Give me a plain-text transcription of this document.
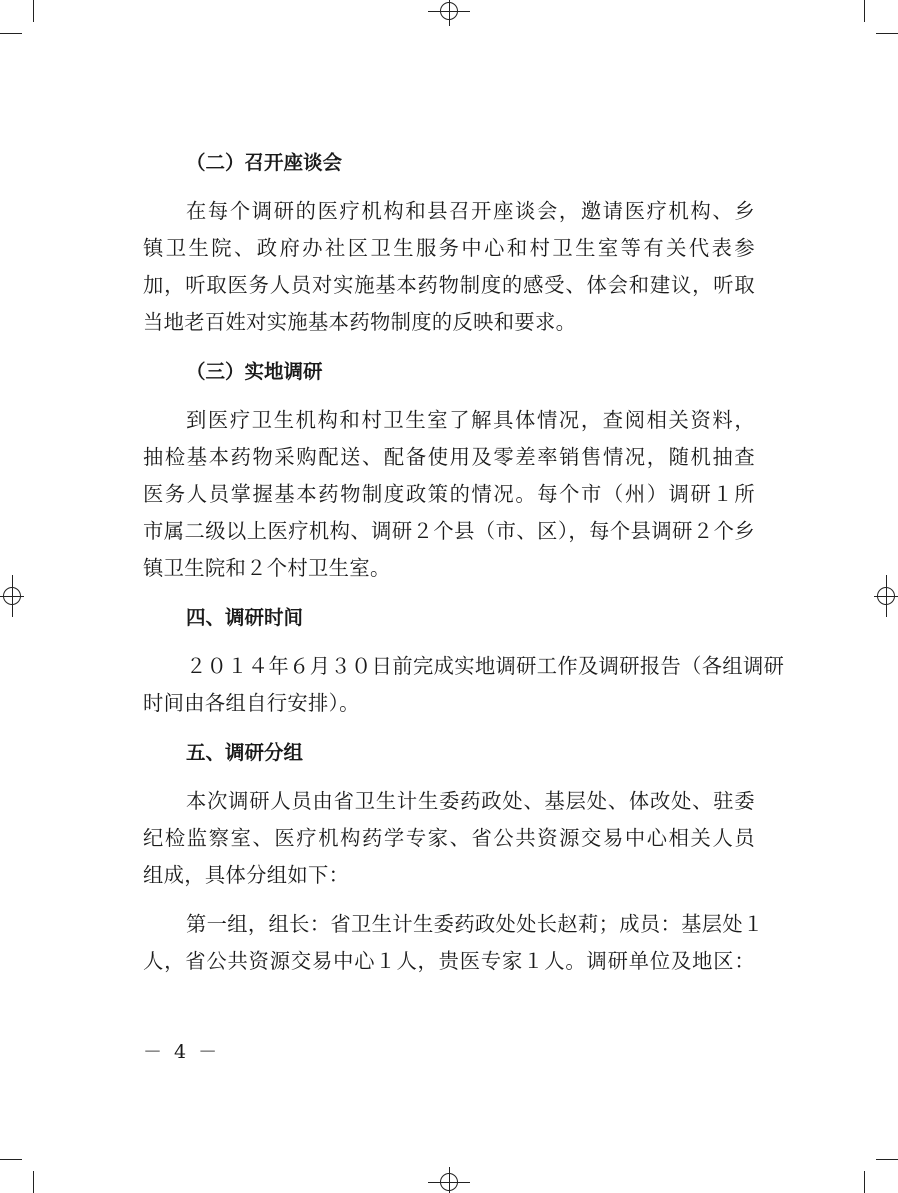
（二）召开座谈会

在每个调研的医疗机构和县召开座谈会，邀请医疗机构、乡
镇卫生院、政府办社区卫生服务中心和村卫生室等有关代表参
加，听取医务人员对实施基本药物制度的感受、体会和建议，听取
当地老百姓对实施基本药物制度的反映和要求。

（三）实地调研

到医疗卫生机构和村卫生室了解具体情况，查阅相关资料，
抽检基本药物采购配送、配备使用及零差率销售情况，随机抽查
医务人员掌握基本药物制度政策的情况。每个市（州）调研１所
市属二级以上医疗机构、调研２个县（市、区），每个县调研２个乡
镇卫生院和２个村卫生室。

四、调研时间

２０１４年６月３０日前完成实地调研工作及调研报告（各组调研
时间由各组自行安排）。

五、调研分组

本次调研人员由省卫生计生委药政处、基层处、体改处、驻委
纪检监察室、医疗机构药学专家、省公共资源交易中心相关人员
组成，具体分组如下：

第一组，组长：省卫生计生委药政处处长赵莉；成员：基层处１
人，省公共资源交易中心１人，贵医专家１人。调研单位及地区：

－ 4 －
